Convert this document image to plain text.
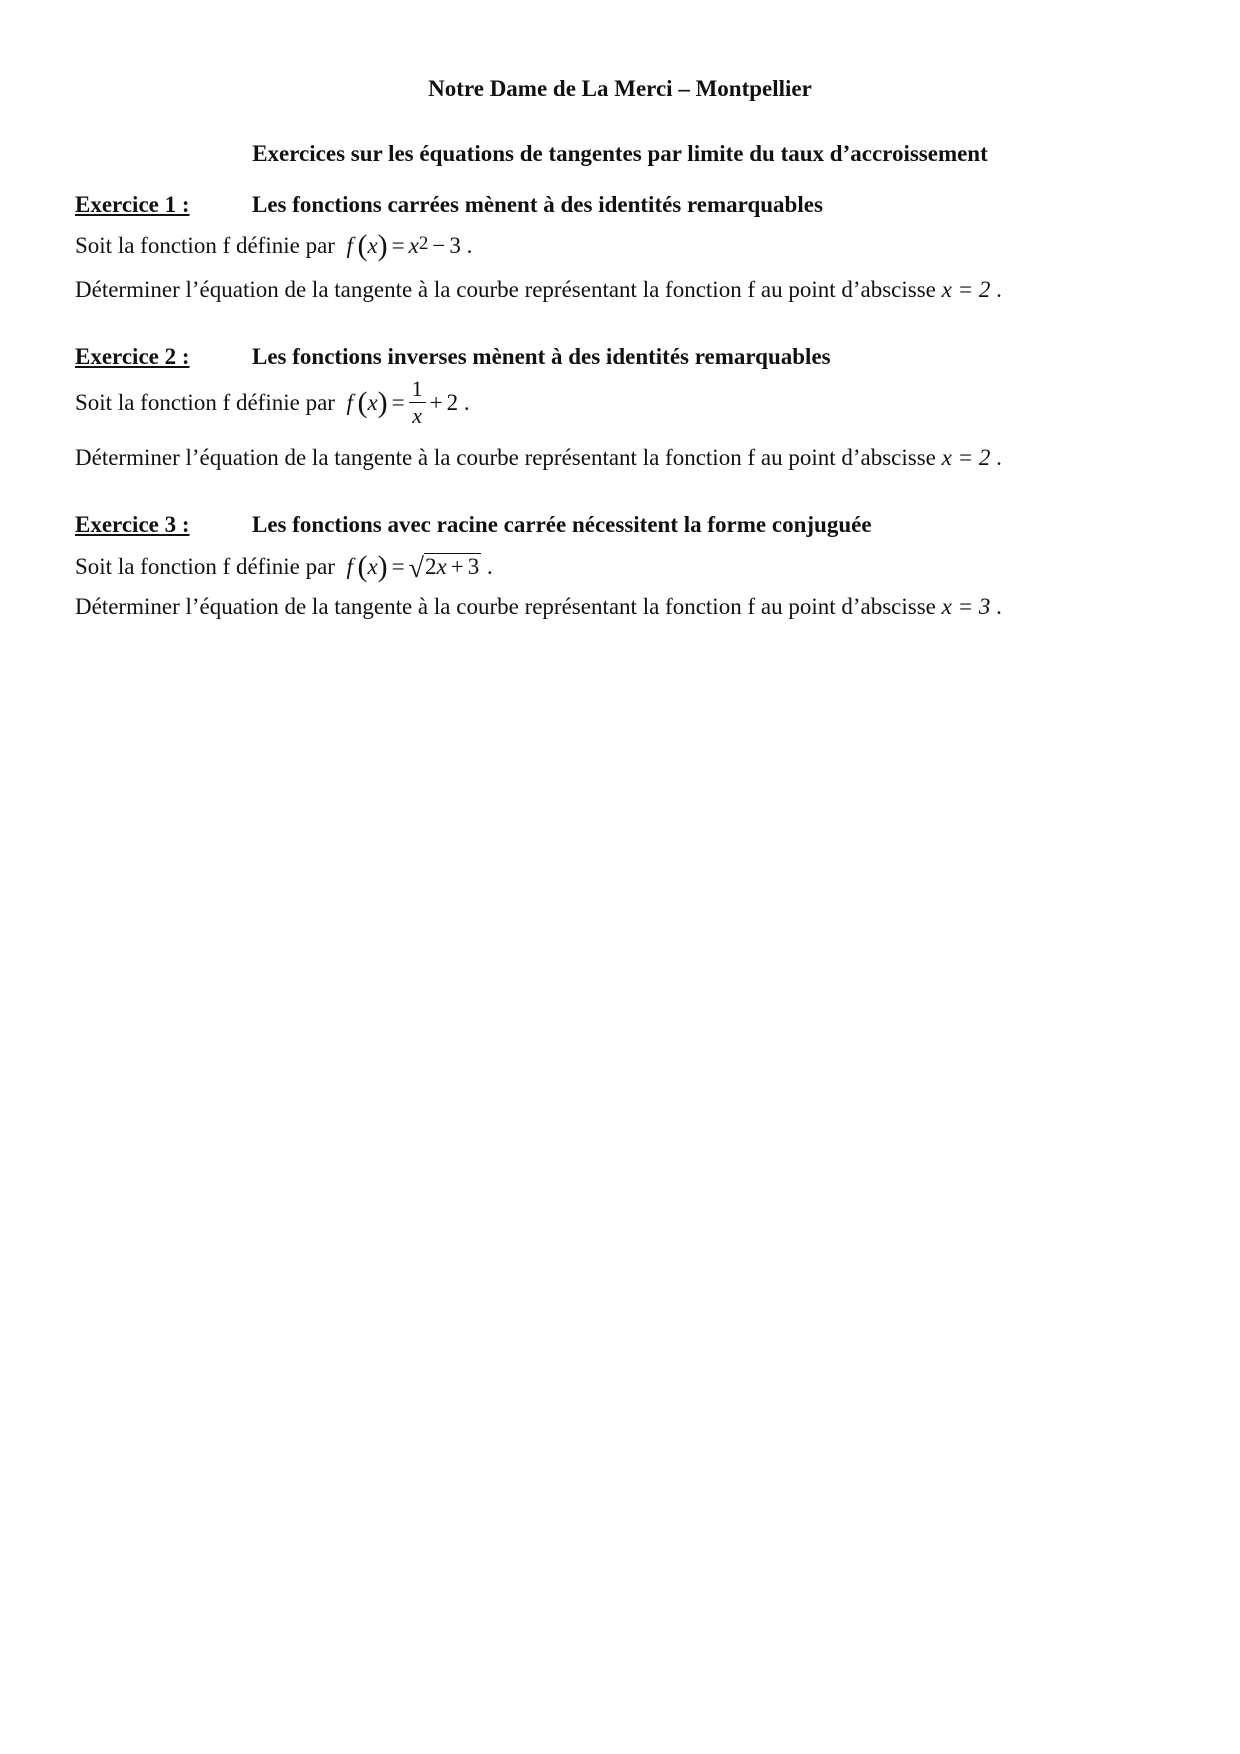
Notre Dame de La Merci – Montpellier
Exercices sur les équations de tangentes par limite du taux d’accroissement
Exercice 1 :	Les fonctions carrées mènent à des identités remarquables
Soit la fonction f définie par f  $(x) = x^2 - 3$ .
Déterminer l’équation de la tangente à la courbe représentant la fonction f au point d’abscisse x = 2 .
Exercice 2 :	Les fonctions inverses mènent à des identités remarquables
Soit la fonction f définie par f  $(x) = \frac{1}{x} + 2$ .
Déterminer l’équation de la tangente à la courbe représentant la fonction f au point d’abscisse x = 2 .
Exercice 3 :	Les fonctions avec racine carrée nécessitent la forme conjuguée
Soit la fonction f définie par f  (x) = √2x + 3 .
Déterminer l’équation de la tangente à la courbe représentant la fonction f au point d’abscisse x = 3 .
